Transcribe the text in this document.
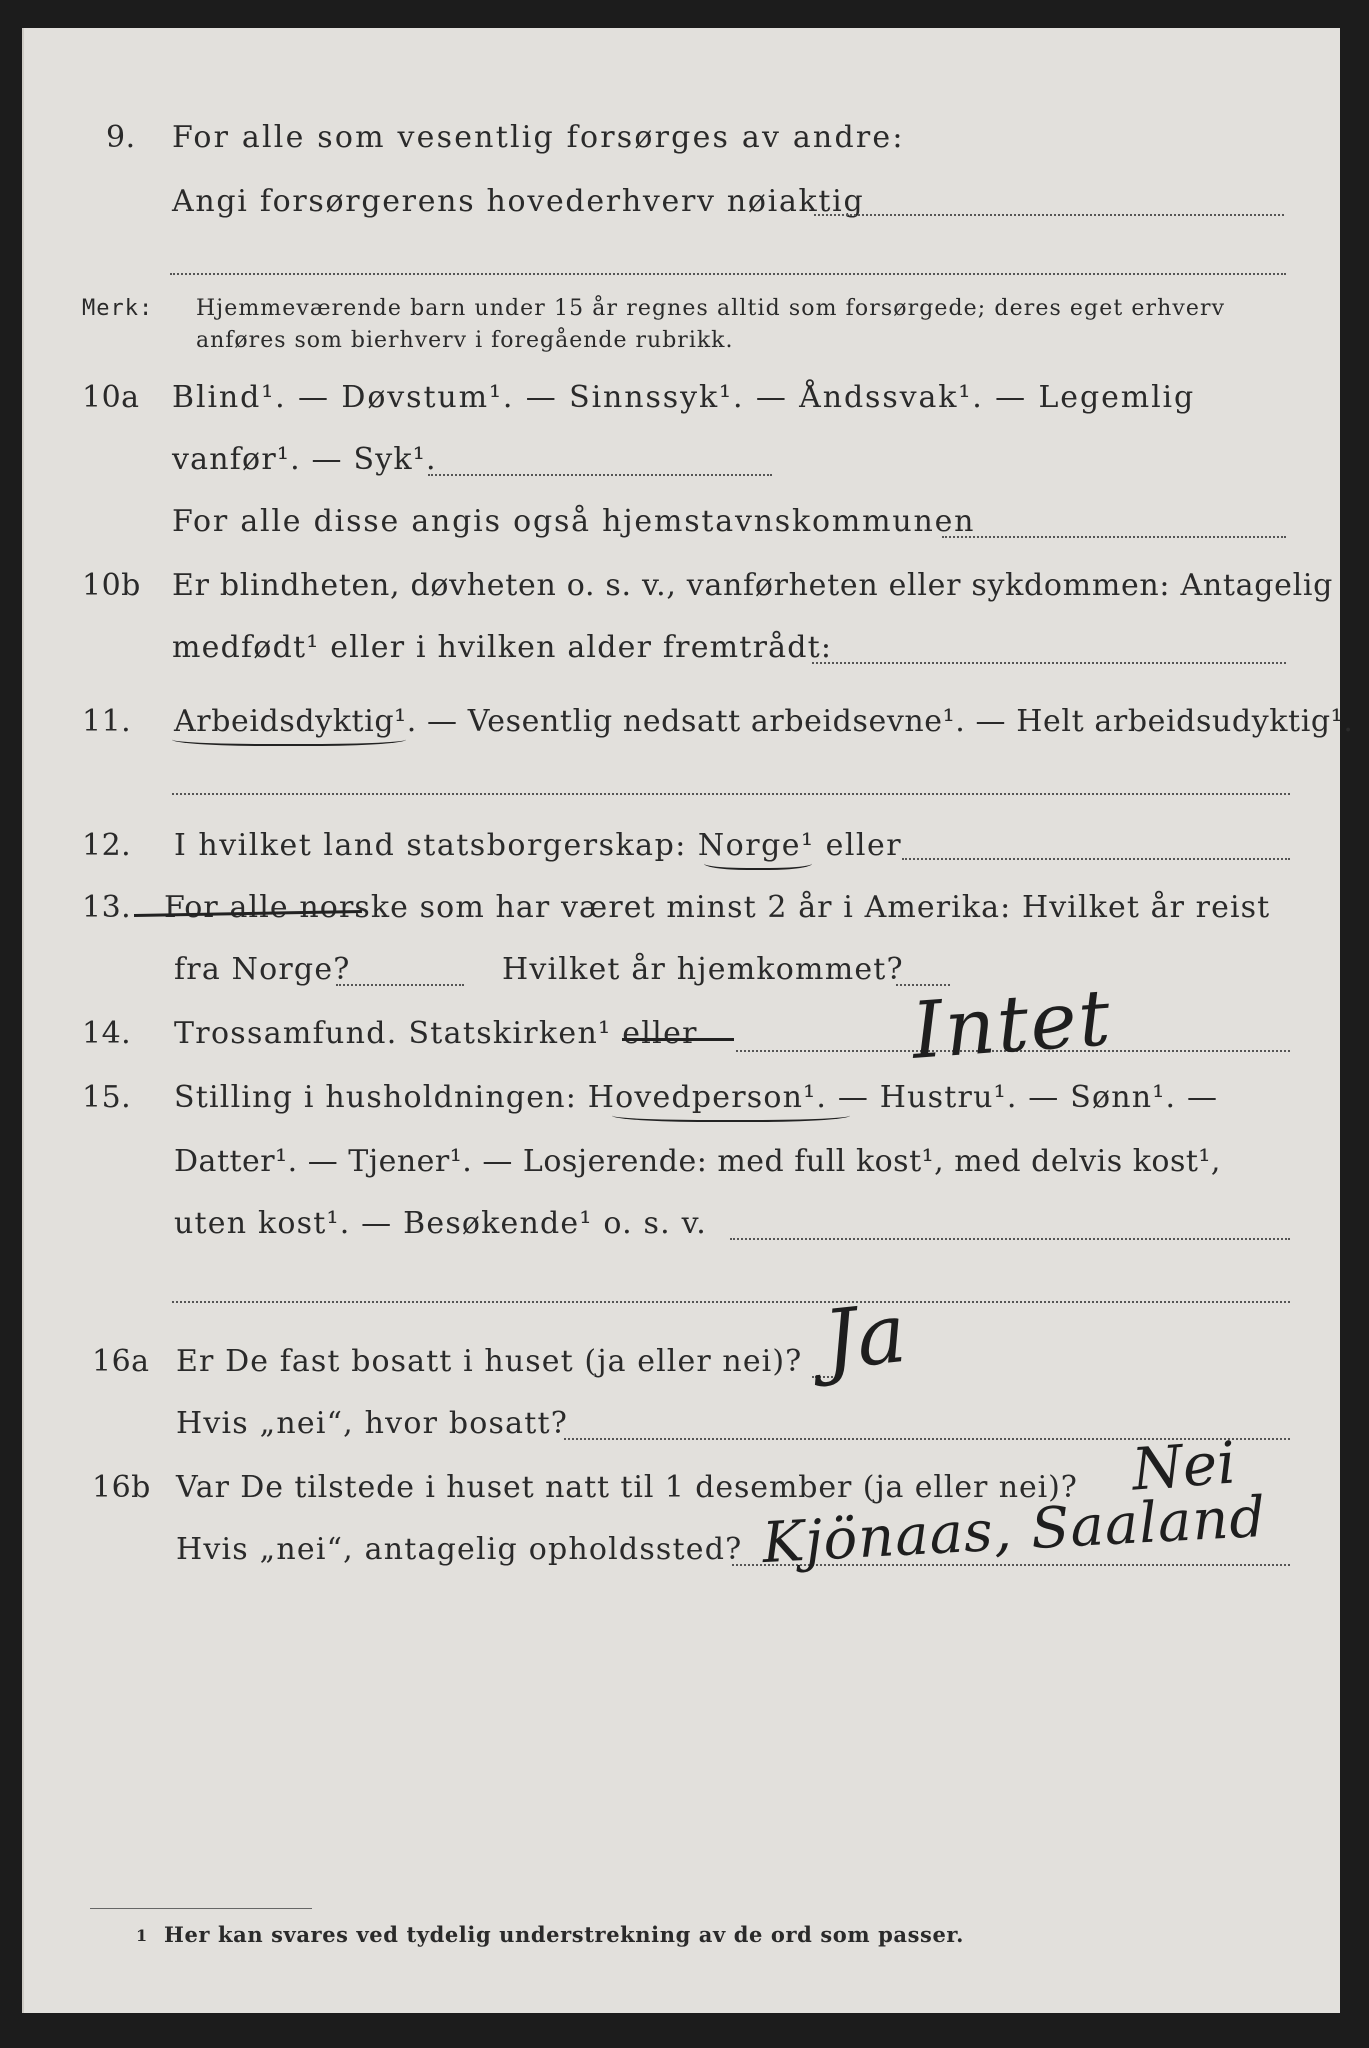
9. For alle som vesentlig forsørges av andre:
Angi forsørgerens hovederhverv nøiaktig
Merk: Hjemmeværende barn under 15 år regnes alltid som forsørgede; deres eget erhverv
anføres som bierhverv i foregående rubrikk.
10a Blind¹. — Døvstum¹. — Sinnssyk¹. — Åndssvak¹. — Legemlig
vanfør¹. — Syk¹.
For alle disse angis også hjemstavnskommunen
10b Er blindheten, døvheten o. s. v., vanførheten eller sykdommen: Antagelig
medfødt¹ eller i hvilken alder fremtrådt:
11. Arbeidsdyktig¹. — Vesentlig nedsatt arbeidsevne¹. — Helt arbeidsudyktig¹.
12. I hvilket land statsborgerskap: Norge¹ eller
13. For alle norske som har været minst 2 år i Amerika: Hvilket år reist
fra Norge?	Hvilket år hjemkommet?
14. Trossamfund. Statskirken¹ eller	Intet
15. Stilling i husholdningen: Hovedperson¹. — Hustru¹. — Sønn¹. —
Datter¹. — Tjener¹. — Losjerende: med full kost¹, med delvis kost¹,
uten kost¹. — Besøkende¹ o. s. v.
16a Er De fast bosatt i huset (ja eller nei)? Ja
Hvis „nei“, hvor bosatt?
16b Var De tilstede i huset natt til 1 desember (ja eller nei)? Nei
Hvis „nei“, antagelig opholdssted? Kjönaas, Saaland
1 Her kan svares ved tydelig understrekning av de ord som passer.
